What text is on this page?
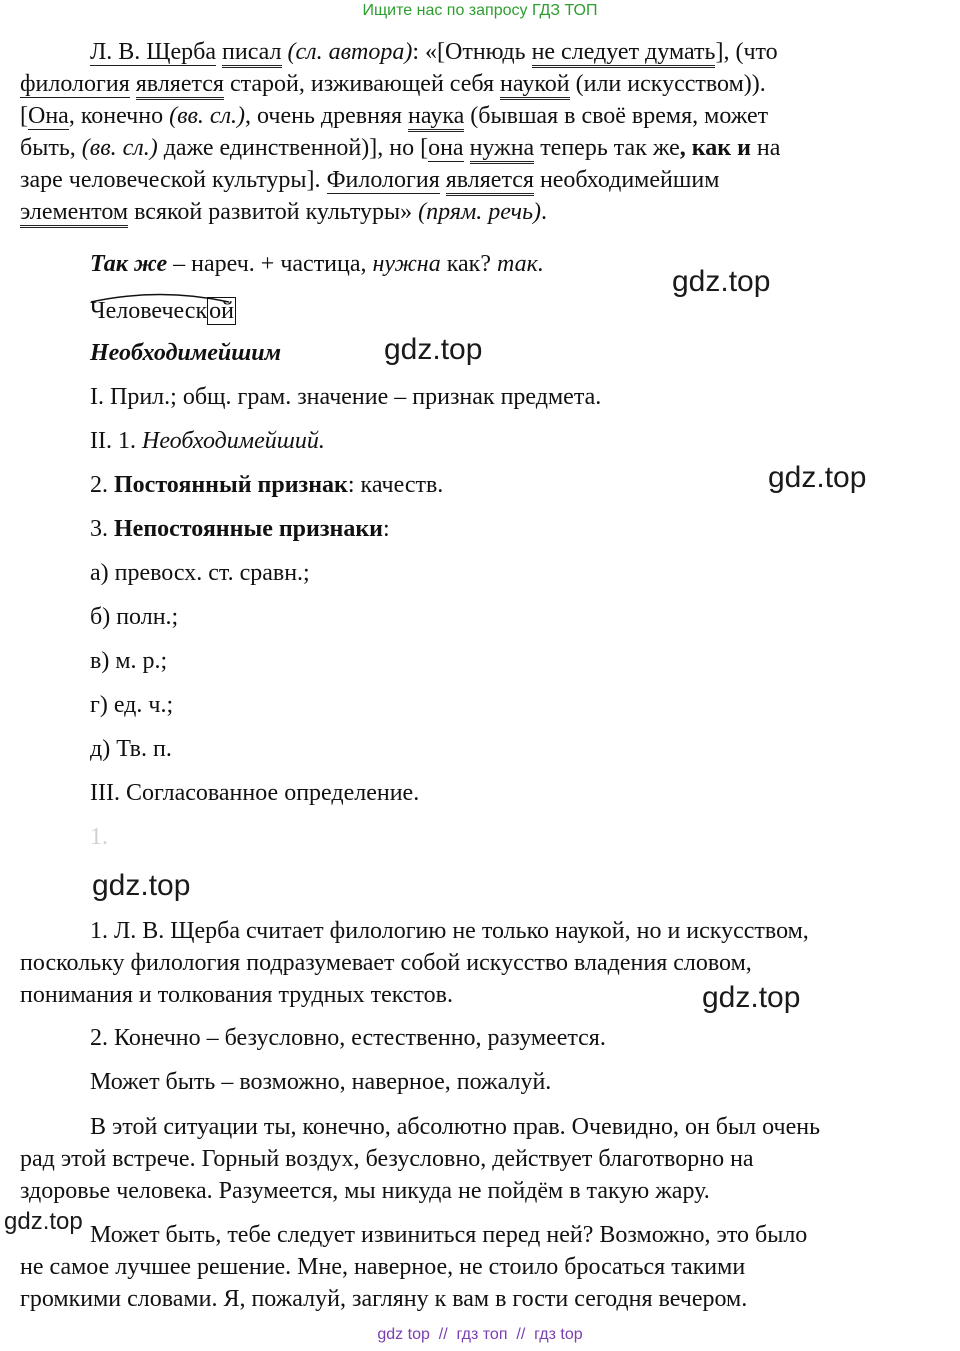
Ищите нас по запросу ГДЗ ТОП
Л. В. Щерба писал (сл. автора): «[Отнюдь не следует думать], (что
филология является старой, изживающей себя наукой (или искусством)).
[Она, конечно (вв. сл.), очень древняя наука (бывшая в своё время, может
быть, (вв. сл.) даже единственной)], но [она нужна теперь так же, как и на
заре человеческой культуры]. Филология является необходимейшим
элементом всякой развитой культуры» (прям. речь).
Так же – нареч. + частица, нужна как? так.
gdz.top
Человеческой
Необходимейшим	gdz.top
I. Прил.; общ. грам. значение – признак предмета.
II. 1. Необходимейший.
2. Постоянный признак: качеств.	gdz.top
3. Непостоянные признаки:
а) превосх. ст. сравн.;
б) полн.;
в) м. р.;
г) ед. ч.;
д) Тв. п.
III. Согласованное определение.
1.
gdz.top
1. Л. В. Щерба считает филологию не только наукой, но и искусством,
поскольку филология подразумевает собой искусство владения словом,
понимания и толкования трудных текстов.	gdz.top
2. Конечно – безусловно, естественно, разумеется.
Может быть – возможно, наверное, пожалуй.
В этой ситуации ты, конечно, абсолютно прав. Очевидно, он был очень
рад этой встрече. Горный воздух, безусловно, действует благотворно на
здоровье человека. Разумеется, мы никуда не пойдём в такую жару.
gdz.top Может быть, тебе следует извиниться перед ней? Возможно, это было
не самое лучшее решение. Мне, наверное, не стоило бросаться такими
громкими словами. Я, пожалуй, загляну к вам в гости сегодня вечером.
gdz top  //  гдз топ  //  гдз top
